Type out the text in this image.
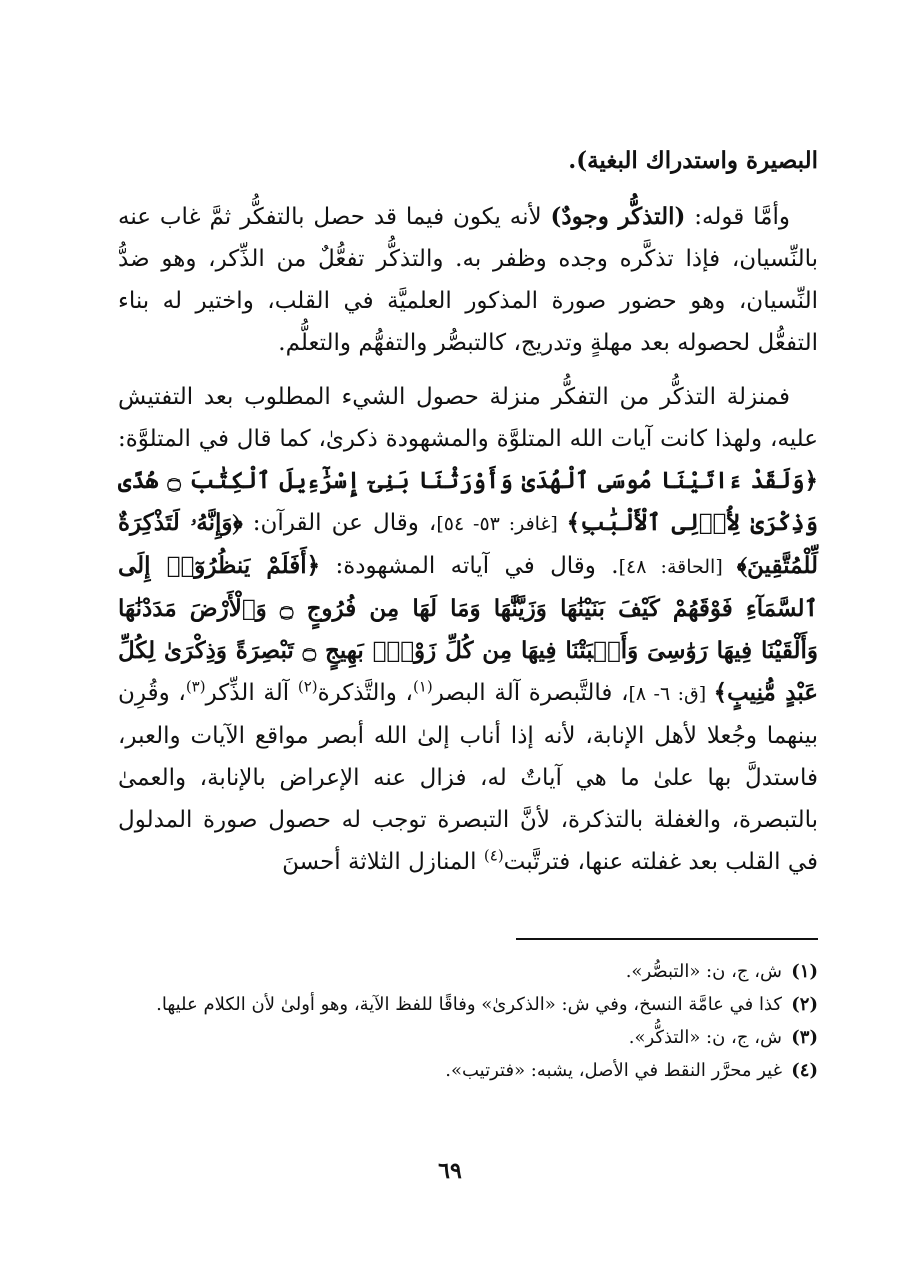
البصيرة واستدراك البغية).

وأمَّا قوله: (التذكُّر وجودٌ) لأنه يكون فيما قد حصل بالتفكُّر ثمَّ غاب عنه بالنِّسيان، فإذا تذكَّره وجده وظفر به. والتذكُّر تفعُّلٌ من الذِّكر، وهو ضدُّ النِّسيان، وهو حضور صورة المذكور العلميَّة في القلب، واختير له بناء التفعُّل لحصوله بعد مهلةٍ وتدريج، كالتبصُّر والتفهُّم والتعلُّم.

فمنزلة التذكُّر من التفكُّر منزلة حصول الشيء المطلوب بعد التفتيش عليه، ولهذا كانت آيات الله المتلوَّة والمشهودة ذكرىٰ، كما قال في المتلوَّة: ﴿وَلَقَدْ ءَاتَيْنَا مُوسَى ٱلْهُدَىٰ وَأَوْرَثْنَا بَنِىٓ إِسْرَٰٓءِيلَ ٱلْكِتَٰبَ ۝ هُدًى وَذِكْرَىٰ لِأُو۟لِى ٱلْأَلْبَٰبِ﴾ [غافر: ٥٣- ٥٤]، وقال عن القرآن: ﴿وَإِنَّهُۥ لَتَذْكِرَةٌ لِّلْمُتَّقِينَ﴾ [الحاقة: ٤٨]. وقال في آياته المشهودة: ﴿أَفَلَمْ يَنظُرُوٓا۟ إِلَى ٱلسَّمَآءِ فَوْقَهُمْ كَيْفَ بَنَيْنَٰهَا وَزَيَّنَّٰهَا وَمَا لَهَا مِن فُرُوجٍ ۝ وَٱلْأَرْضَ مَدَدْنَٰهَا وَأَلْقَيْنَا فِيهَا رَوَٰسِىَ وَأَنۢبَتْنَا فِيهَا مِن كُلِّ زَوْجٍۭ بَهِيجٍ ۝ تَبْصِرَةً وَذِكْرَىٰ لِكُلِّ عَبْدٍ مُّنِيبٍ﴾ [ق: ٦- ٨]، فالتَّبصرة آلة البصر$^{(١)}$، والتَّذكرة$^{(٢)}$ آلة الذِّكر$^{(٣)}$، وقُرِن بينهما وجُعلا لأهل الإنابة، لأنه إذا أناب إلىٰ الله أبصر مواقع الآيات والعبر، فاستدلَّ بها علىٰ ما هي آياتٌ له، فزال عنه الإعراض بالإنابة، والعمىٰ بالتبصرة، والغفلة بالتذكرة، لأنَّ التبصرة توجب له حصول صورة المدلول في القلب بعد غفلته عنها، فترتَّبت$^{(٤)}$ المنازل الثلاثة أحسنَ

(١)
ش، ج، ن: «التبصُّر».

(٢)
كذا في عامَّة النسخ، وفي ش: «الذكرىٰ» وفاقًا للفظ الآية، وهو أولىٰ لأن الكلام عليها.

(٣)
ش، ج، ن: «التذكُّر».

(٤)
غير محرَّر النقط في الأصل، يشبه: «فترتيب».

٦٩
